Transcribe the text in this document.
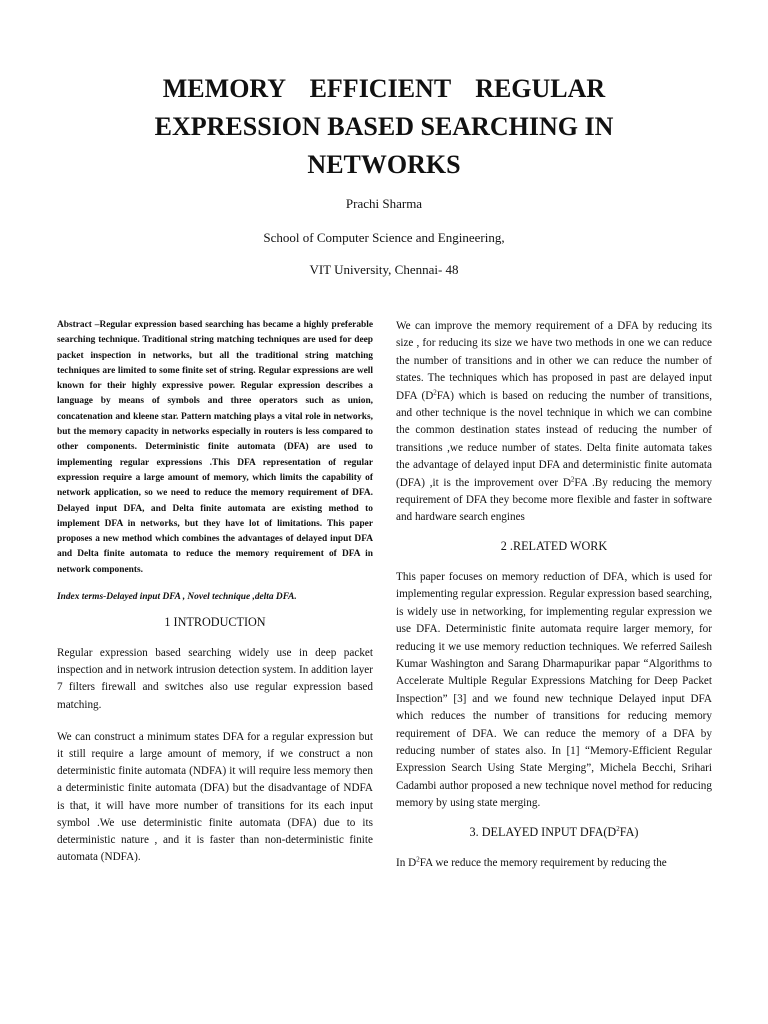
MEMORY EFFICIENT REGULAR
EXPRESSION BASED SEARCHING IN
NETWORKS

Prachi Sharma

School of Computer Science and Engineering,

VIT University, Chennai- 48

Abstract –Regular expression based searching has became a highly preferable searching technique. Traditional string matching techniques are used for deep packet inspection in networks, but all the traditional string matching techniques are limited to some finite set of string. Regular expressions are well known for their highly expressive power. Regular expression describes a language by means of symbols and three operators such as union, concatenation and kleene star. Pattern matching plays a vital role in networks, but the memory capacity in networks especially in routers is less compared to other components. Deterministic finite automata (DFA) are used to implementing regular expressions .This DFA representation of regular expression require a large amount of memory, which limits the capability of network application, so we need to reduce the memory requirement of DFA. Delayed input DFA, and Delta finite automata are existing method to implement DFA in networks, but they have lot of limitations. This paper proposes a new method which combines the advantages of delayed input DFA and Delta finite automata to reduce the memory requirement of DFA in network components.

Index terms-Delayed input DFA , Novel technique ,delta DFA.

1 INTRODUCTION

Regular expression based searching widely use in deep packet inspection and in network intrusion detection system. In addition layer 7 filters firewall and switches also use regular expression based matching.

We can construct a minimum states DFA for a regular expression but it still require a large amount of memory, if we construct a non deterministic finite automata (NDFA) it will require less memory then a deterministic finite automata (DFA) but the disadvantage of NDFA is that, it will have more number of transitions for its each input symbol .We use deterministic finite automata (DFA) due to its deterministic nature , and it is faster than non-deterministic finite automata (NDFA).

We can improve the memory requirement of a DFA by reducing its size , for reducing its size we have two methods in one we can reduce the number of transitions and in other we can reduce the number of states. The techniques which has proposed in past are delayed input DFA $(D^2FA)$ which is based on reducing the number of transitions, and other technique is the novel technique in which we can combine the common destination states instead of reducing the number of transitions ,we reduce number of states. Delta finite automata takes the advantage of delayed input DFA and deterministic finite automata (DFA) ,it is the improvement over $D^2FA$ .By reducing the memory requirement of DFA they become more flexible and faster in software and hardware search engines

2 .RELATED WORK

This paper focuses on memory reduction of DFA, which is used for implementing regular expression. Regular expression based searching, is widely use in networking, for implementing regular expression we use DFA. Deterministic finite automata require larger memory, for reducing it we use memory reduction techniques. We referred Sailesh Kumar Washington and Sarang Dharmapurikar papar “Algorithms to Accelerate Multiple Regular Expressions Matching for Deep Packet Inspection” [3] and we found new technique Delayed input DFA which reduces the number of transitions for reducing memory requirement of DFA. We can reduce the memory of a DFA by reducing number of states also. In [1] “Memory-Efficient Regular Expression Search Using State Merging”, Michela Becchi, Srihari Cadambi author proposed a new technique novel method for reducing memory by using state merging.

3. DELAYED INPUT $DFA(D^2FA)$

In $D^2FA$ we reduce the memory requirement by reducing the
